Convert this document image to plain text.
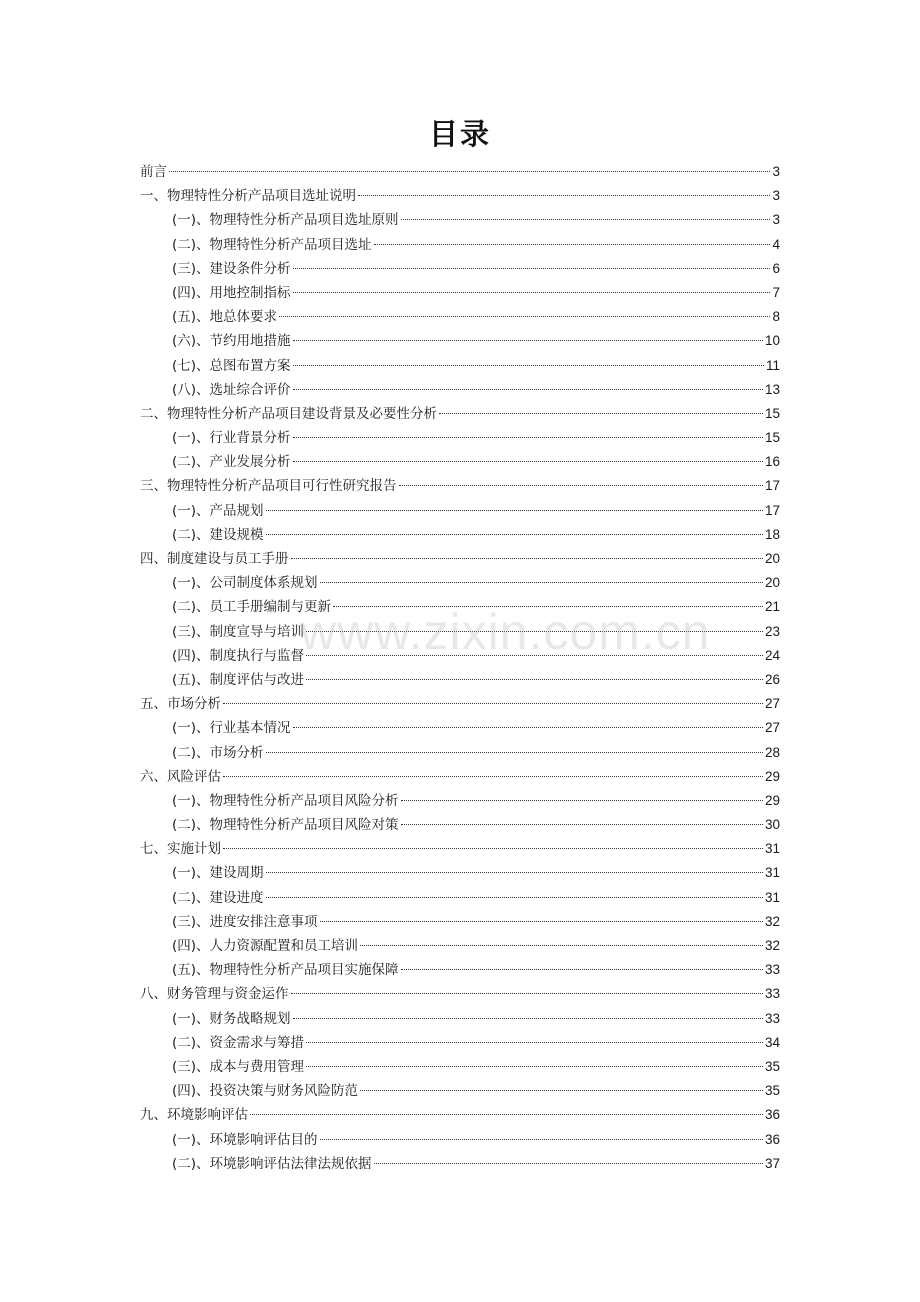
目录
前言	3
一、物理特性分析产品项目选址说明	3
(一)、物理特性分析产品项目选址原则	3
(二)、物理特性分析产品项目选址	4
(三)、建设条件分析	6
(四)、用地控制指标	7
(五)、地总体要求	8
(六)、节约用地措施	10
(七)、总图布置方案	11
(八)、选址综合评价	13
二、物理特性分析产品项目建设背景及必要性分析	15
(一)、行业背景分析	15
(二)、产业发展分析	16
三、物理特性分析产品项目可行性研究报告	17
(一)、产品规划	17
(二)、建设规模	18
四、制度建设与员工手册	20
(一)、公司制度体系规划	20
(二)、员工手册编制与更新	21
(三)、制度宣导与培训	23
(四)、制度执行与监督	24
(五)、制度评估与改进	26
五、市场分析	27
(一)、行业基本情况	27
(二)、市场分析	28
六、风险评估	29
(一)、物理特性分析产品项目风险分析	29
(二)、物理特性分析产品项目风险对策	30
七、实施计划	31
(一)、建设周期	31
(二)、建设进度	31
(三)、进度安排注意事项	32
(四)、人力资源配置和员工培训	32
(五)、物理特性分析产品项目实施保障	33
八、财务管理与资金运作	33
(一)、财务战略规划	33
(二)、资金需求与筹措	34
(三)、成本与费用管理	35
(四)、投资决策与财务风险防范	35
九、环境影响评估	36
(一)、环境影响评估目的	36
(二)、环境影响评估法律法规依据	37
www.zixin.com.cn
